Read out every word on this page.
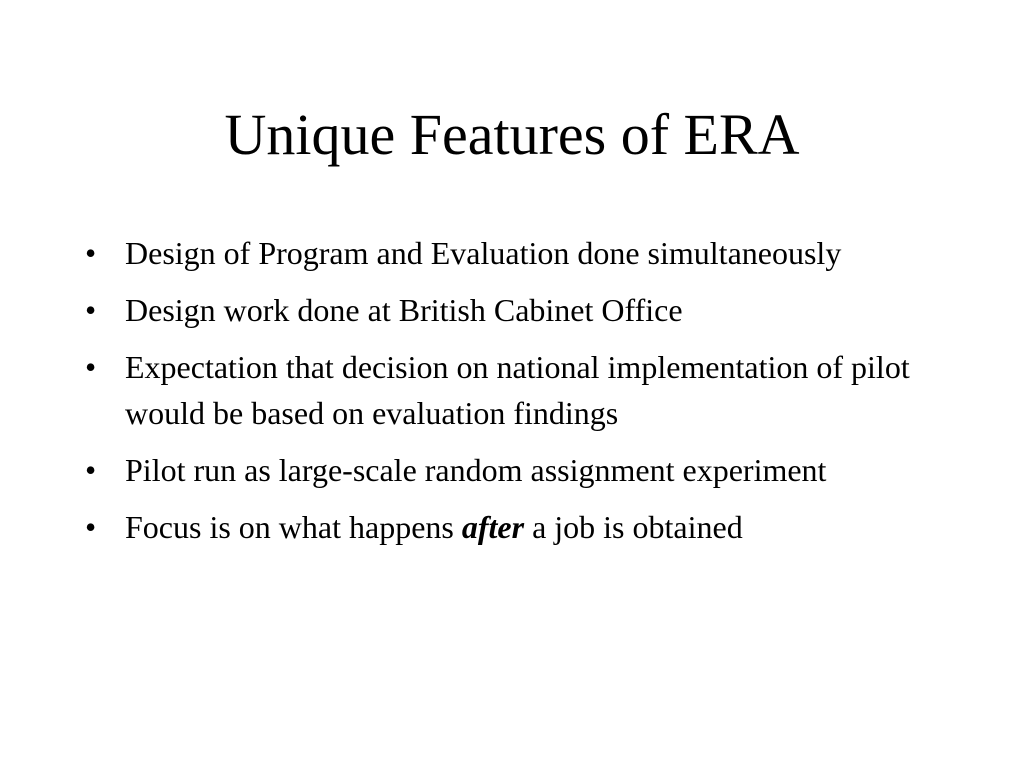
Unique Features of ERA
• Design of Program and Evaluation done simultaneously
• Design work done at British Cabinet Office
• Expectation that decision on national implementation of pilot would be based on evaluation findings
• Pilot run as large-scale random assignment experiment
• Focus is on what happens after a job is obtained
